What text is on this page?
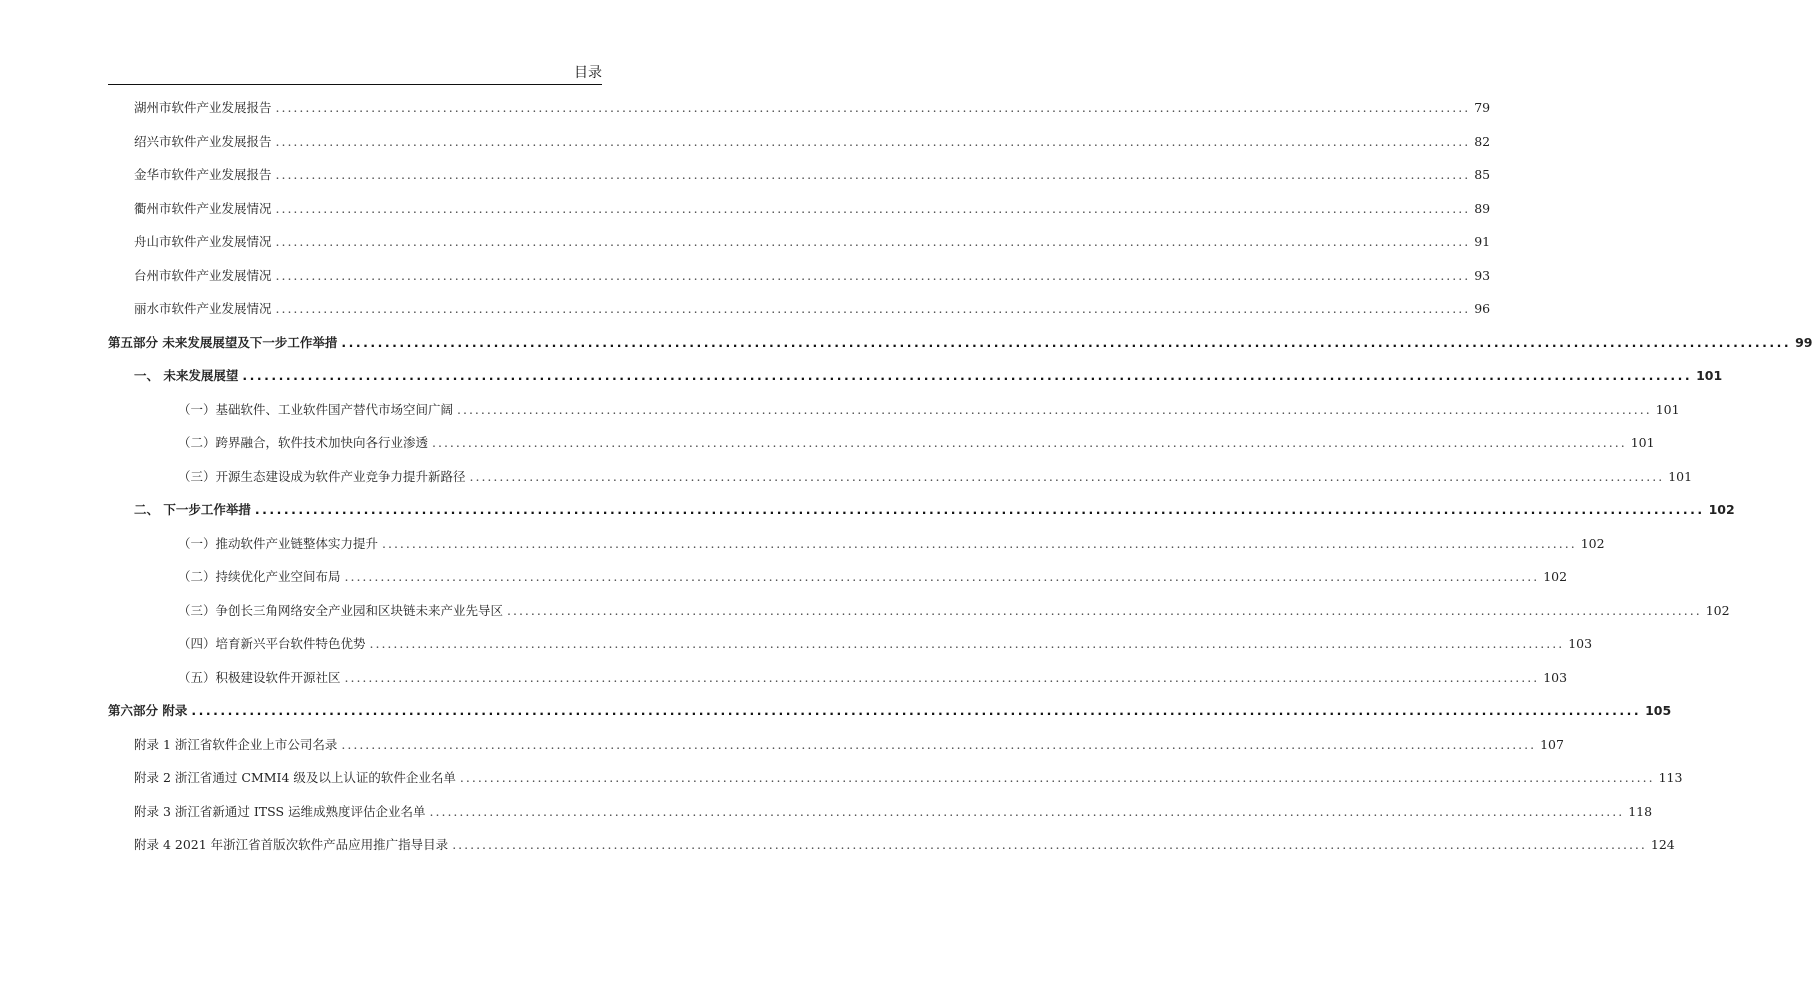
目录
湖州市软件产业发展报告 ........................................................................................................................................................................................................ 79
绍兴市软件产业发展报告 ........................................................................................................................................................................................................ 82
金华市软件产业发展报告 ........................................................................................................................................................................................................ 85
衢州市软件产业发展情况 ........................................................................................................................................................................................................ 89
舟山市软件产业发展情况 ........................................................................................................................................................................................................ 91
台州市软件产业发展情况 ........................................................................................................................................................................................................ 93
丽水市软件产业发展情况 ........................................................................................................................................................................................................ 96
第五部分 未来发展展望及下一步工作举措 ........................................................................................................................................................................................................ 99
一、 未来发展展望 ........................................................................................................................................................................................................ 101
（一）基础软件、工业软件国产替代市场空间广阔 ........................................................................................................................................................................................................ 101
（二）跨界融合，软件技术加快向各行业渗透 ........................................................................................................................................................................................................ 101
（三）开源生态建设成为软件产业竞争力提升新路径 ........................................................................................................................................................................................................ 101
二、 下一步工作举措 ........................................................................................................................................................................................................ 102
（一）推动软件产业链整体实力提升 ........................................................................................................................................................................................................ 102
（二）持续优化产业空间布局 ........................................................................................................................................................................................................ 102
（三）争创长三角网络安全产业园和区块链未来产业先导区 ........................................................................................................................................................................................................ 102
（四）培育新兴平台软件特色优势 ........................................................................................................................................................................................................ 103
（五）积极建设软件开源社区 ........................................................................................................................................................................................................ 103
第六部分 附录 ........................................................................................................................................................................................................ 105
附录 1 浙江省软件企业上市公司名录 ........................................................................................................................................................................................................ 107
附录 2 浙江省通过 CMMI4 级及以上认证的软件企业名单 ........................................................................................................................................................................................................ 113
附录 3 浙江省新通过 ITSS 运维成熟度评估企业名单 ........................................................................................................................................................................................................ 118
附录 4 2021 年浙江省首版次软件产品应用推广指导目录 ........................................................................................................................................................................................................ 124
